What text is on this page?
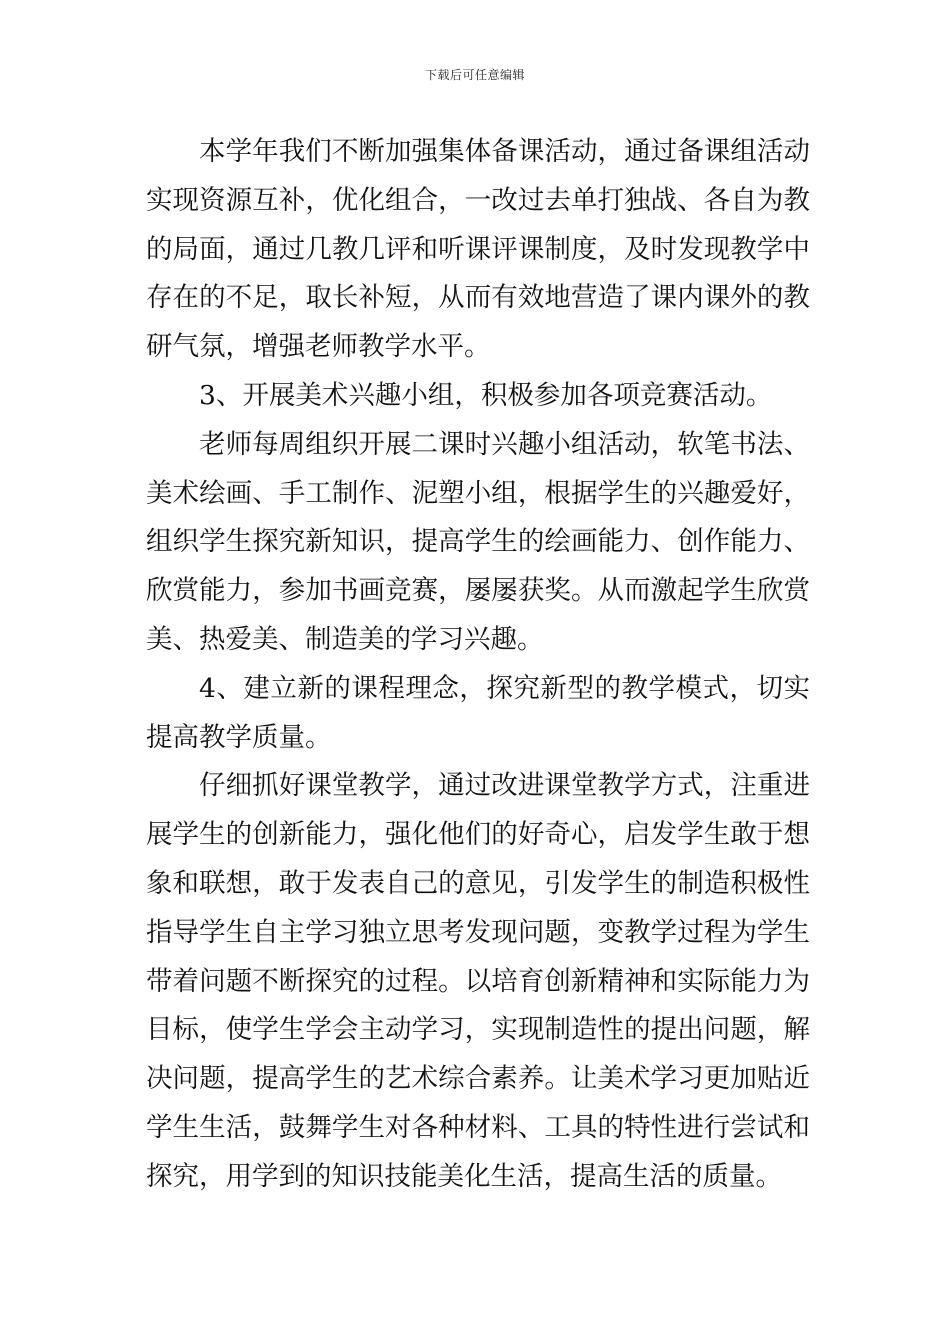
下载后可任意编辑

本学年我们不断加强集体备课活动，通过备课组活动实现资源互补，优化组合，一改过去单打独战、各自为教的局面，通过几教几评和听课评课制度，及时发现教学中存在的不足，取长补短，从而有效地营造了课内课外的教研气氛，增强老师教学水平。

3、开展美术兴趣小组，积极参加各项竞赛活动。

老师每周组织开展二课时兴趣小组活动，软笔书法、美术绘画、手工制作、泥塑小组，根据学生的兴趣爱好，组织学生探究新知识，提高学生的绘画能力、创作能力、欣赏能力，参加书画竞赛，屡屡获奖。从而激起学生欣赏美、热爱美、制造美的学习兴趣。

4、建立新的课程理念，探究新型的教学模式，切实提高教学质量。

仔细抓好课堂教学，通过改进课堂教学方式，注重进展学生的创新能力，强化他们的好奇心，启发学生敢于想象和联想，敢于发表自己的意见，引发学生的制造积极性指导学生自主学习独立思考发现问题，变教学过程为学生带着问题不断探究的过程。以培育创新精神和实际能力为目标，使学生学会主动学习，实现制造性的提出问题，解决问题，提高学生的艺术综合素养。让美术学习更加贴近学生生活，鼓舞学生对各种材料、工具的特性进行尝试和探究，用学到的知识技能美化生活，提高生活的质量。
